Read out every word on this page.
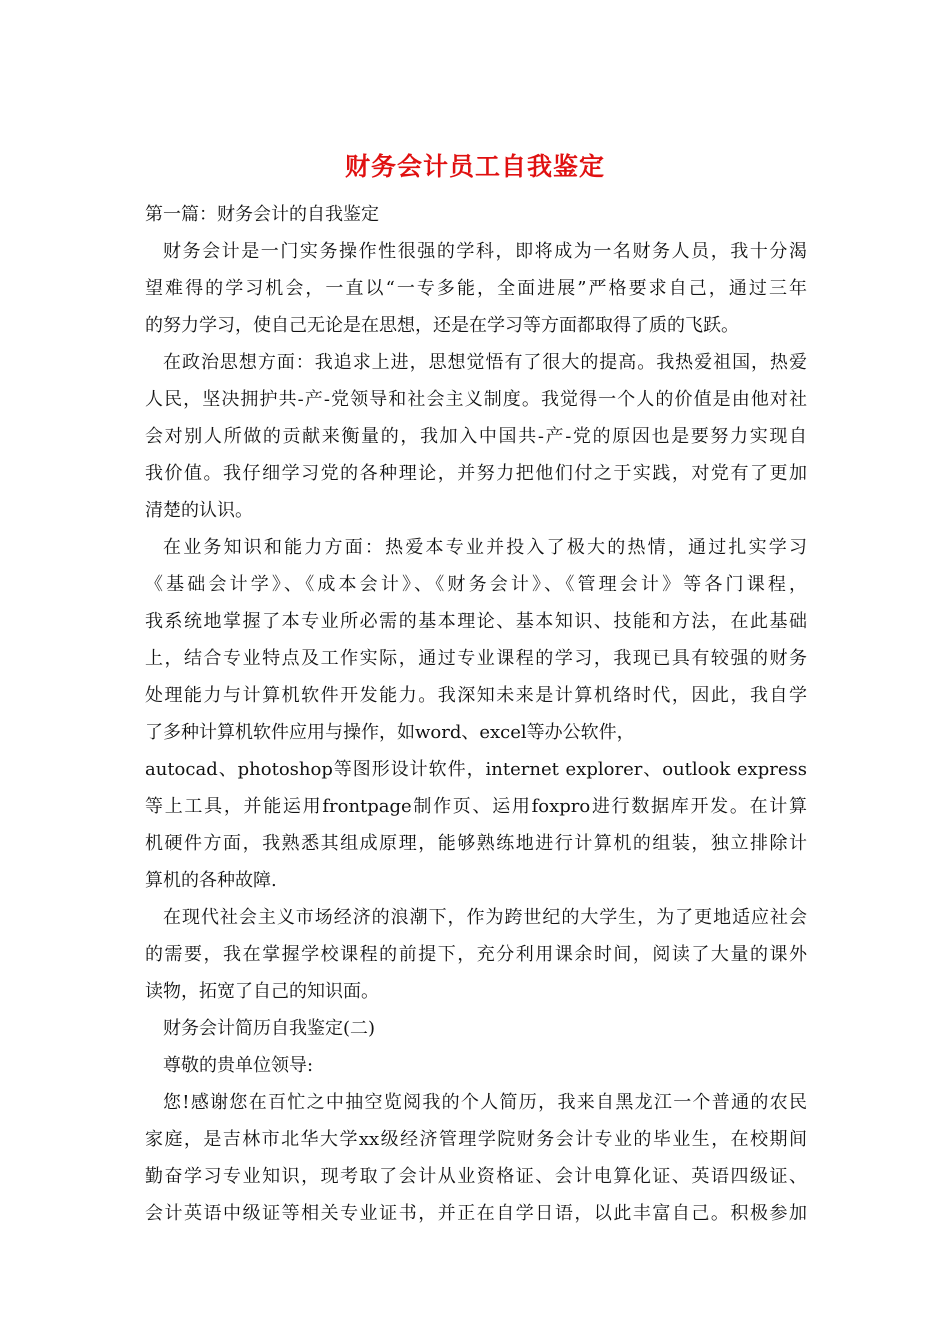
财务会计员工自我鉴定
第一篇：财务会计的自我鉴定
财务会计是一门实务操作性很强的学科，即将成为一名财务人员，我十分渴
望难得的学习机会，一直以“一专多能，全面进展”严格要求自己，通过三年
的努力学习，使自己无论是在思想，还是在学习等方面都取得了质的飞跃。
在政治思想方面：我追求上进，思想觉悟有了很大的提高。我热爱祖国，热爱
人民，坚决拥护共-产-党领导和社会主义制度。我觉得一个人的价值是由他对社
会对别人所做的贡献来衡量的，我加入中国共-产-党的原因也是要努力实现自
我价值。我仔细学习党的各种理论，并努力把他们付之于实践，对党有了更加
清楚的认识。
在业务知识和能力方面：热爱本专业并投入了极大的热情，通过扎实学习
《基础会计学》、《成本会计》、《财务会计》、《管理会计》等各门课程，
我系统地掌握了本专业所必需的基本理论、基本知识、技能和方法，在此基础
上，结合专业特点及工作实际，通过专业课程的学习，我现已具有较强的财务
处理能力与计算机软件开发能力。我深知未来是计算机络时代，因此，我自学
了多种计算机软件应用与操作，如word、excel等办公软件，
autocad、photoshop等图形设计软件，internet explorer、outlook express
等上工具，并能运用frontpage制作页、运用foxpro进行数据库开发。在计算
机硬件方面，我熟悉其组成原理，能够熟练地进行计算机的组装，独立排除计
算机的各种故障.
在现代社会主义市场经济的浪潮下，作为跨世纪的大学生，为了更地适应社会
的需要，我在掌握学校课程的前提下，充分利用课余时间，阅读了大量的课外
读物，拓宽了自己的知识面。
财务会计简历自我鉴定(二)
尊敬的贵单位领导:
您!感谢您在百忙之中抽空览阅我的个人简历，我来自黑龙江一个普通的农民
家庭，是吉林市北华大学xx级经济管理学院财务会计专业的毕业生，在校期间
勤奋学习专业知识，现考取了会计从业资格证、会计电算化证、英语四级证、
会计英语中级证等相关专业证书，并正在自学日语，以此丰富自己。积极参加
